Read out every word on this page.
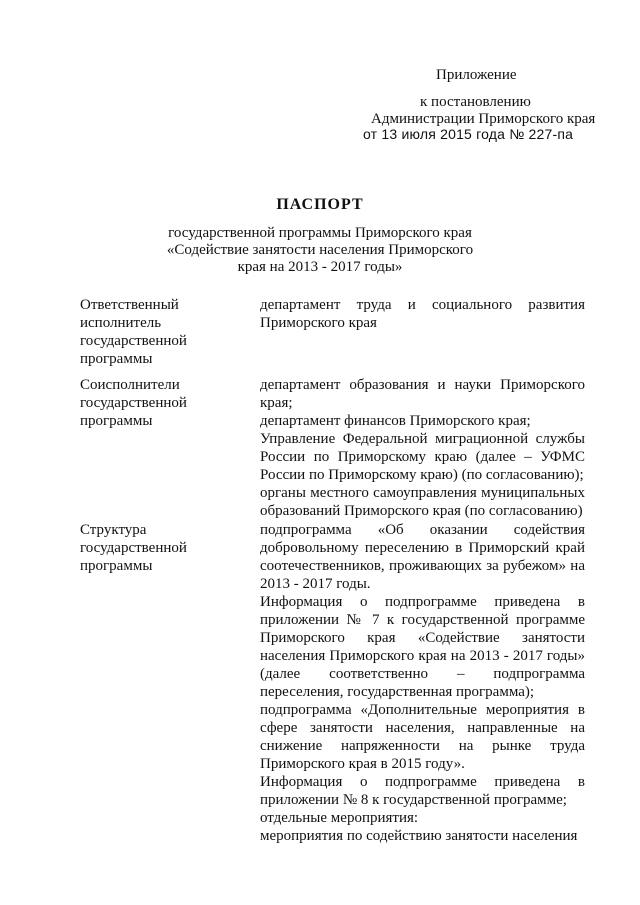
Приложение
к постановлению
Администрации Приморского края
от 13 июля 2015 года № 227-па
ПАСПОРТ
государственной программы Приморского края
«Содействие занятости населения Приморского
края на 2013 - 2017 годы»
Ответственный
исполнитель
государственной
программы

департамент труда и социального развития Приморского края

Соисполнители
государственной
программы

департамент образования и науки Приморского края;

департамент финансов Приморского края;

Управление Федеральной миграционной службы России по Приморскому краю (далее – УФМС России по Приморскому краю) (по согласованию);

органы местного самоуправления муниципальных образований Приморского края (по согласованию)

Структура
государственной
программы

подпрограмма «Об оказании содействия добровольному переселению в Приморский край соотечественников, проживающих за рубежом» на 2013 - 2017 годы.

Информация о подпрограмме приведена в приложении № 7 к государственной программе Приморского края «Содействие занятости населения Приморского края на 2013 - 2017 годы» (далее соответственно – подпрограмма переселения, государственная программа);

подпрограмма «Дополнительные мероприятия в сфере занятости населения, направленные на снижение напряженности на рынке труда Приморского края в 2015 году».

Информация о подпрограмме приведена в приложении № 8 к государственной программе;

отдельные мероприятия:

мероприятия по содействию занятости населения
